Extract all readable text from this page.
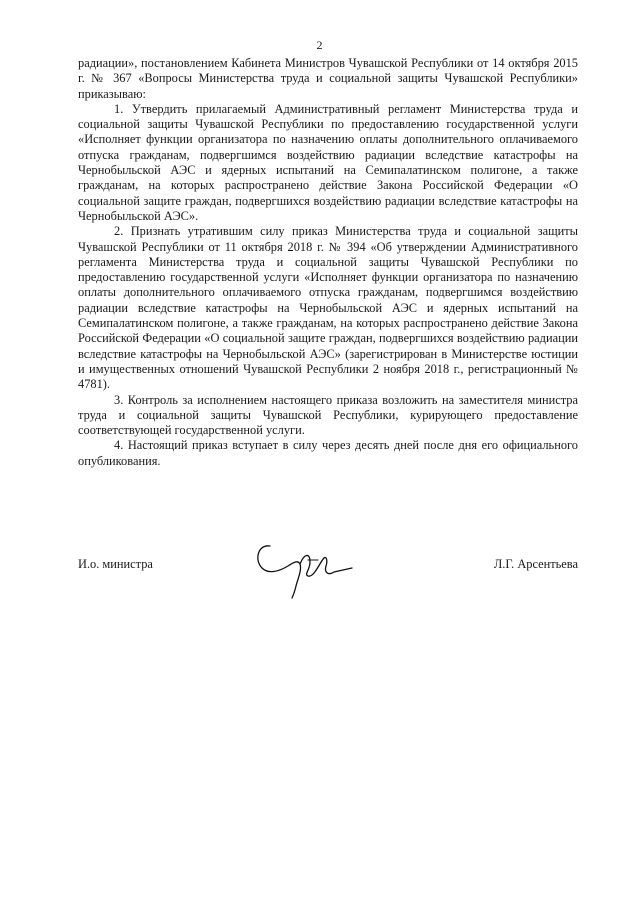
2

радиации», постановлением Кабинета Министров Чувашской Республики от 14 октября 2015 г. № 367 «Вопросы Министерства труда и социальной защиты Чувашской Республики» приказываю:

1. Утвердить прилагаемый Административный регламент Министерства труда и социальной защиты Чувашской Республики по предоставлению государственной услуги «Исполняет функции организатора по назначению оплаты дополнительного оплачиваемого отпуска гражданам, подвергшимся воздействию радиации вследствие катастрофы на Чернобыльской АЭС и ядерных испытаний на Семипалатинском полигоне, а также гражданам, на которых распространено действие Закона Российской Федерации «О социальной защите граждан, подвергшихся воздействию радиации вследствие катастрофы на Чернобыльской АЭС».

2. Признать утратившим силу приказ Министерства труда и социальной защиты Чувашской Республики от 11 октября 2018 г. № 394 «Об утверждении Административного регламента Министерства труда и социальной защиты Чувашской Республики по предоставлению государственной услуги «Исполняет функции организатора по назначению оплаты дополнительного оплачиваемого отпуска гражданам, подвергшимся воздействию радиации вследствие катастрофы на Чернобыльской АЭС и ядерных испытаний на Семипалатинском полигоне, а также гражданам, на которых распространено действие Закона Российской Федерации «О социальной защите граждан, подвергшихся воздействию радиации вследствие катастрофы на Чернобыльской АЭС» (зарегистрирован в Министерстве юстиции и имущественных отношений Чувашской Республики 2 ноября 2018 г., регистрационный № 4781).

3. Контроль за исполнением настоящего приказа возложить на заместителя министра труда и социальной защиты Чувашской Республики, курирующего предоставление соответствующей государственной услуги.

4. Настоящий приказ вступает в силу через десять дней после дня его официального опубликования.

И.о. министра	Л.Г. Арсентьева
